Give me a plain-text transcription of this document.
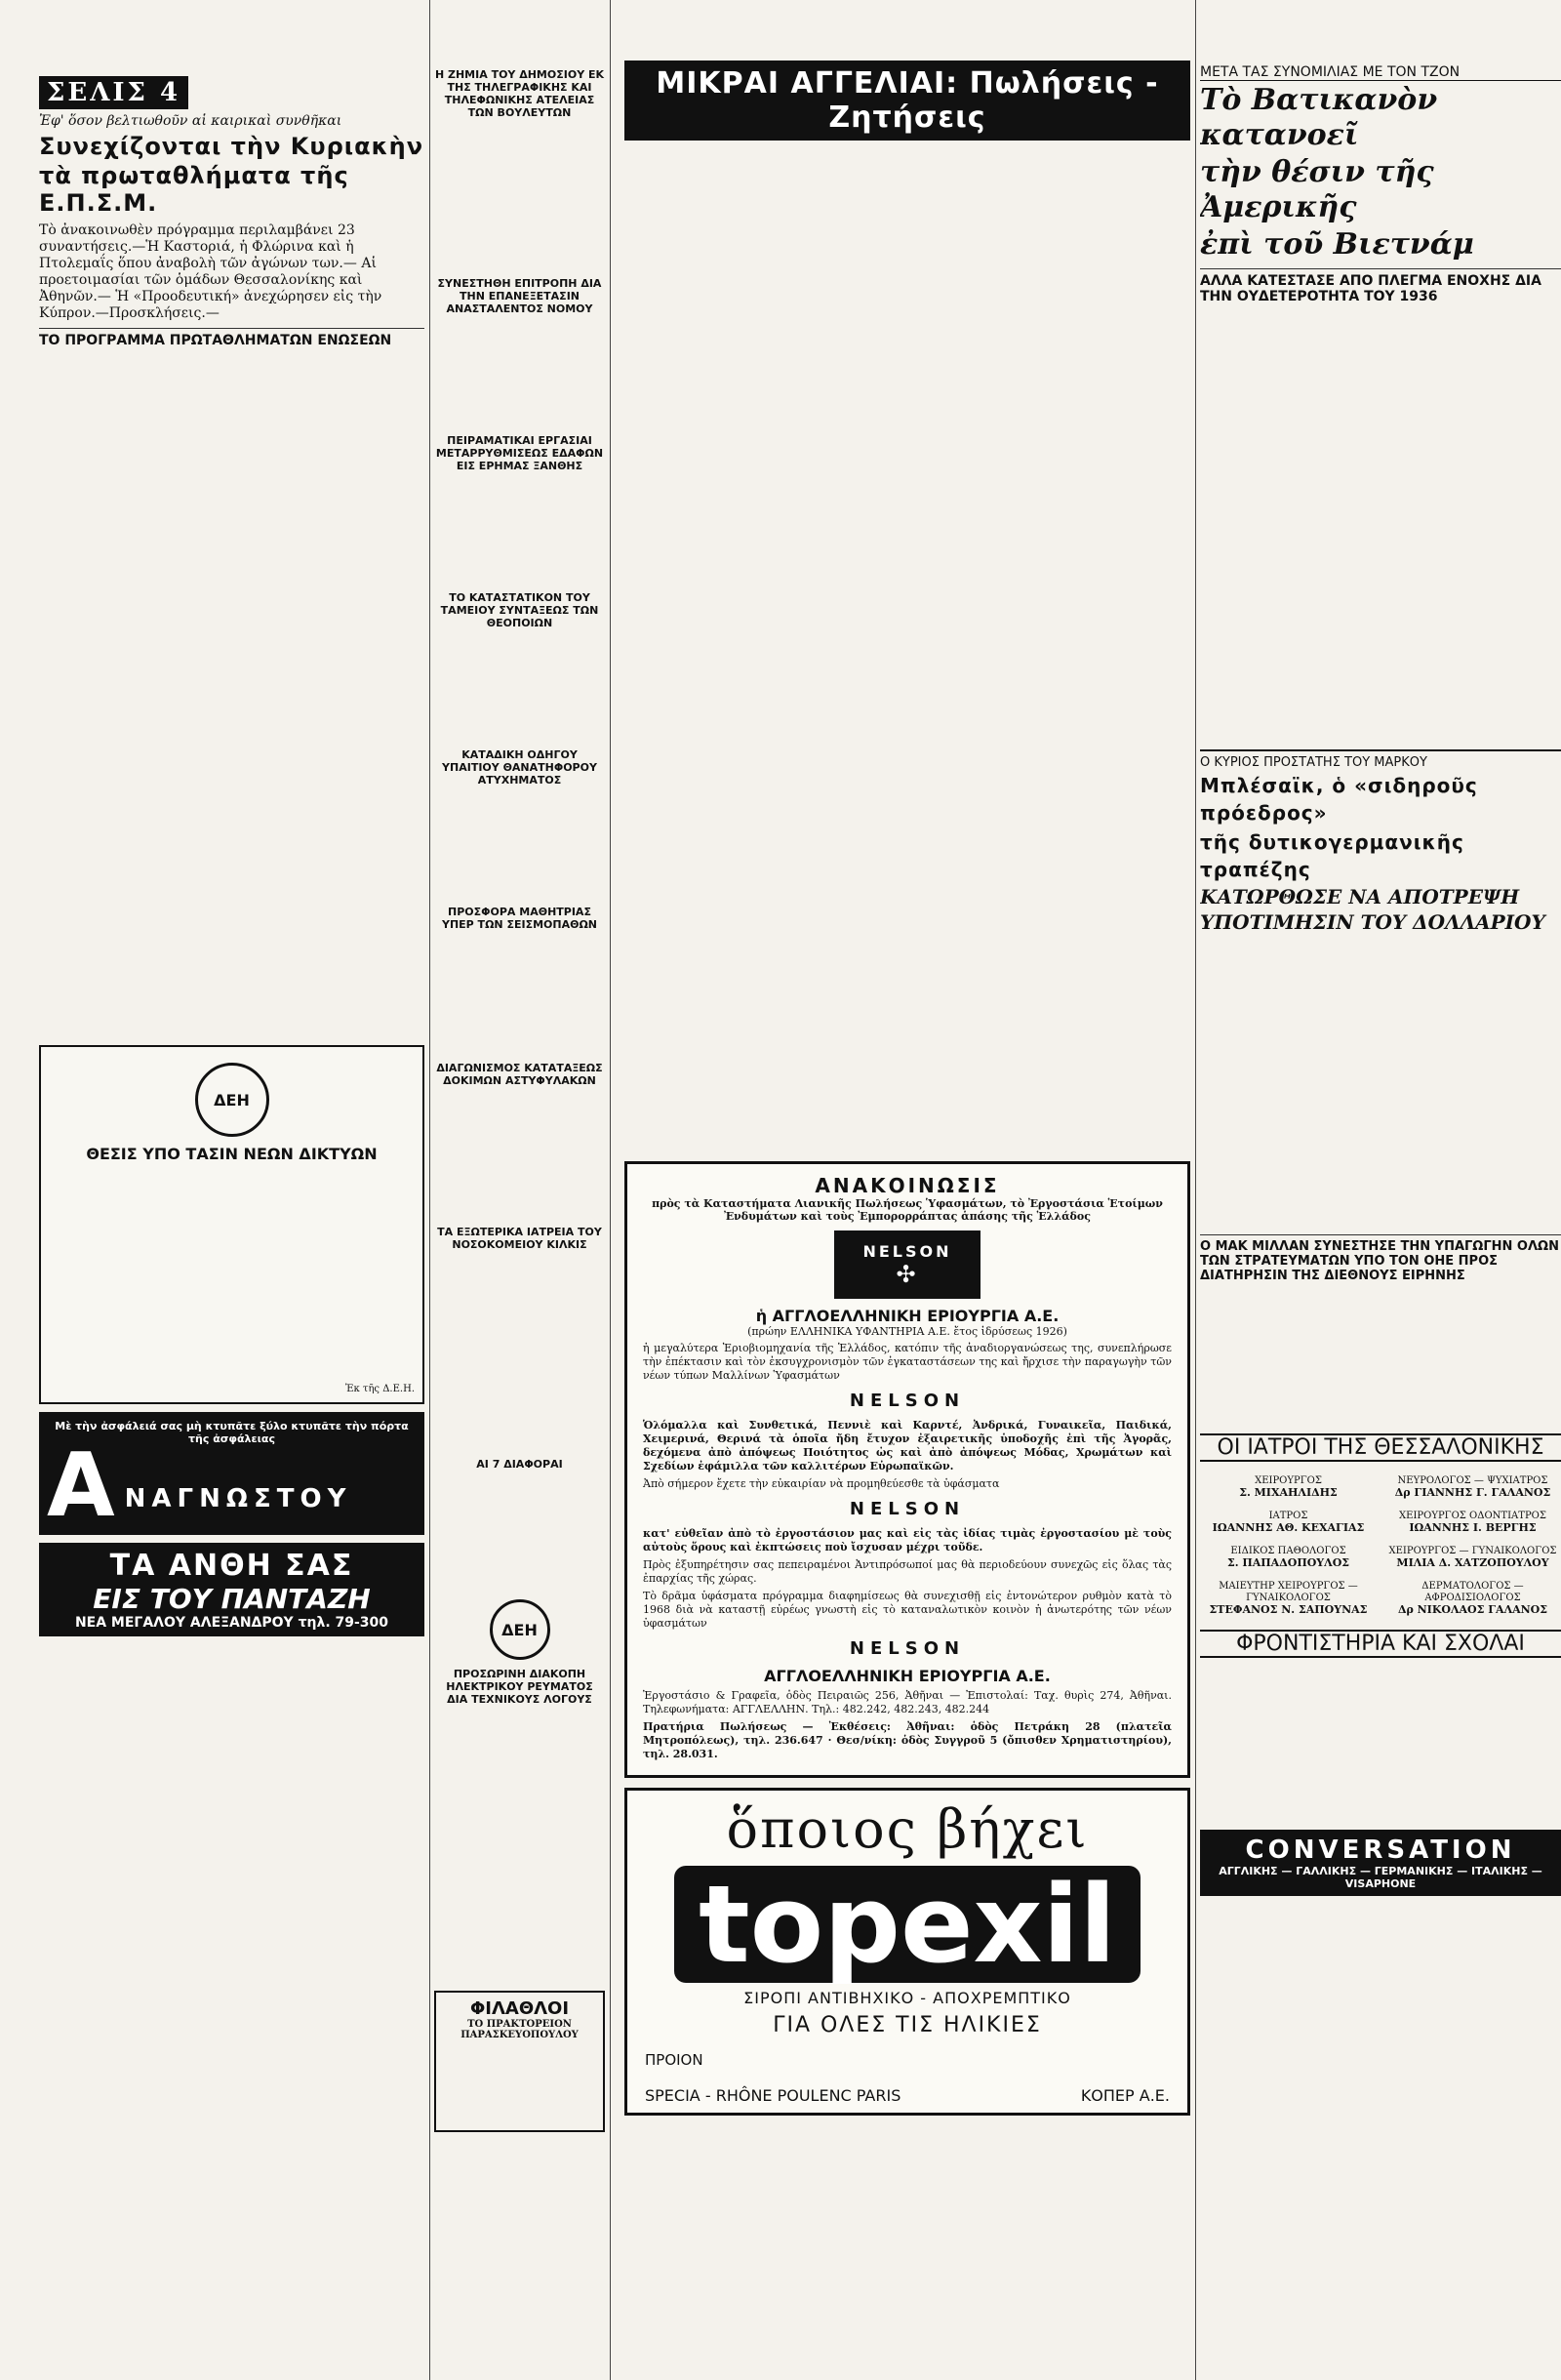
ΣΕΛΙΣ 4
Ἐφ' ὅσον βελτιωθοῦν αἱ καιρικαὶ συνθῆκαι
Συνεχίζονται τὴν Κυριακὴν
τὰ πρωταθλήματα τῆς Ε.Π.Σ.Μ.
Τὸ ἀνακοινωθὲν πρόγραμμα περιλαμβάνει 23 συναντήσεις.—Ἡ Καστοριά, ἡ Φλώρινα καὶ ἡ Πτολεμαΐς ὅπου ἀναβολὴ τῶν ἀγώνων των.— Αἱ προετοιμασίαι τῶν ὁμάδων Θεσσαλονίκης καὶ Ἀθηνῶν.— Ἡ «Προοδευτική» ἀνεχώρησεν εἰς τὴν Κύπρον.—Προσκλήσεις.—
ΤΟ ΠΡΟΓΡΑΜΜΑ ΠΡΩΤΑΘΛΗΜΑΤΩΝ ΕΝΩΣΕΩΝ

ΔΕΗ
ΘΕΣΙΣ ΥΠΟ ΤΑΣΙΝ ΝΕΩΝ ΔΙΚΤΥΩΝ

Ἐκ τῆς Δ.Ε.Η.
Μὲ τὴν ἀσφάλειά σας μὴ κτυπᾶτε ξύλο κτυπᾶτε τὴν πόρτα τῆς ἀσφάλειας
A ΝΑΓΝΩΣΤΟΥ
ΤΑ ΑΝΘΗ ΣΑΣ
ΕΙΣ ΤΟΥ ΠΑΝΤΑΖΗ
ΝΕΑ ΜΕΓΑΛΟΥ ΑΛΕΞΑΝΔΡΟΥ τηλ. 79-300
Η ΖΗΜΙΑ ΤΟΥ ΔΗΜΟΣΙΟΥ ΕΚ ΤΗΣ ΤΗΛΕΓΡΑΦΙΚΗΣ ΚΑΙ ΤΗΛΕΦΩΝΙΚΗΣ ΑΤΕΛΕΙΑΣ ΤΩΝ ΒΟΥΛΕΥΤΩΝ

ΣΥΝΕΣΤΗΘΗ ΕΠΙΤΡΟΠΗ ΔΙΑ ΤΗΝ ΕΠΑΝΕΞΕΤΑΣΙΝ ΑΝΑΣΤΑΛΕΝΤΟΣ ΝΟΜΟΥ

ΠΕΙΡΑΜΑΤΙΚΑΙ ΕΡΓΑΣΙΑΙ ΜΕΤΑΡΡΥΘΜΙΣΕΩΣ ΕΔΑΦΩΝ ΕΙΣ ΕΡΗΜΑΣ ΞΑΝΘΗΣ

ΤΟ ΚΑΤΑΣΤΑΤΙΚΟΝ ΤΟΥ ΤΑΜΕΙΟΥ ΣΥΝΤΑΞΕΩΣ ΤΩΝ ΘΕΟΠΟΙΩΝ

ΚΑΤΑΔΙΚΗ ΟΔΗΓΟΥ ΥΠΑΙΤΙΟΥ ΘΑΝΑΤΗΦΟΡΟΥ ΑΤΥΧΗΜΑΤΟΣ

ΠΡΟΣΦΟΡΑ ΜΑΘΗΤΡΙΑΣ ΥΠΕΡ ΤΩΝ ΣΕΙΣΜΟΠΑΘΩΝ

ΔΙΑΓΩΝΙΣΜΟΣ ΚΑΤΑΤΑΞΕΩΣ ΔΟΚΙΜΩΝ ΑΣΤΥΦΥΛΑΚΩΝ

ΤΑ ΕΞΩΤΕΡΙΚΑ ΙΑΤΡΕΙΑ ΤΟΥ ΝΟΣΟΚΟΜΕΙΟΥ ΚΙΛΚΙΣ

ΑΙ 7 ΔΙΑΦΟΡΑΙ

ΔΕΗ
ΠΡΟΣΩΡΙΝΗ ΔΙΑΚΟΠΗ ΗΛΕΚΤΡΙΚΟΥ ΡΕΥΜΑΤΟΣ ΔΙΑ ΤΕΧΝΙΚΟΥΣ ΛΟΓΟΥΣ

ΦΙΛΑΘΛΟΙ
ΤΟ ΠΡΑΚΤΟΡΕΙΟΝ ΠΑΡΑΣΚΕΥΟΠΟΥΛΟΥ

ΜΙΚΡΑΙ ΑΓΓΕΛΙΑΙ: Πωλήσεις - Ζητήσεις

ΑΝΑΚΟΙΝΩΣΙΣ
πρὸς τὰ Καταστήματα Λιανικῆς Πωλήσεως Ὑφασμάτων, τὸ Ἐργοστάσια Ἑτοίμων Ἐνδυμάτων καὶ τοὺς Ἐμπορορράπτας ἁπάσης τῆς Ἑλλάδος
NELSON
✣
ἡ ΑΓΓΛΟΕΛΛΗΝΙΚΗ ΕΡΙΟΥΡΓΙΑ Α.Ε.
(πρώην ΕΛΛΗΝΙΚΑ ΥΦΑΝΤΗΡΙΑ Α.Ε. ἔτος ἱδρύσεως 1926)

ἡ μεγαλύτερα Ἐριοβιομηχανία τῆς Ἑλλάδος, κατόπιν τῆς ἀναδιοργανώσεως της, συνεπλήρωσε τὴν ἐπέκτασιν καὶ τὸν ἐκσυγχρονισμὸν τῶν ἐγκαταστάσεων της καὶ ἤρχισε τὴν παραγωγὴν τῶν νέων τύπων Μαλλίνων Ὑφασμάτων

NELSON

Ὁλόμαλλα καὶ Συνθετικά, Πεννιὲ καὶ Καρντέ, Ἀνδρικά, Γυναικεῖα, Παιδικά, Χειμερινά, Θερινά τὰ ὁποῖα ἤδη ἔτυχον ἐξαιρετικῆς ὑποδοχῆς ἐπὶ τῆς Ἀγορᾶς, δεχόμενα ἀπὸ ἀπόψεως Ποιότητος ὡς καὶ ἀπὸ ἀπόψεως Μόδας, Χρωμάτων καὶ Σχεδίων ἐφάμιλλα τῶν καλλιτέρων Εὐρωπαϊκῶν.

Ἀπὸ σήμερον ἔχετε τὴν εὐκαιρίαν νὰ προμηθεύεσθε τὰ ὑφάσματα

NELSON

κατ' εὐθεῖαν ἀπὸ τὸ ἐργοστάσιον μας καὶ εἰς τὰς ἰδίας τιμὰς ἐργοστασίου μὲ τοὺς αὐτοὺς ὅρους καὶ ἐκπτώσεις ποὺ ἴσχυσαν μέχρι τοῦδε.

Πρὸς ἐξυπηρέτησιν σας πεπειραμένοι Ἀντιπρόσωποί μας θὰ περιοδεύουν συνεχῶς εἰς ὅλας τὰς ἐπαρχίας τῆς χώρας.

Τὸ δρᾶμα ὑφάσματα πρόγραμμα διαφημίσεως θὰ συνεχισθῇ εἰς ἐντονώτερον ρυθμὸν κατὰ τὸ 1968 διὰ νὰ καταστῇ εὐρέως γνωστὴ εἰς τὸ καταναλωτικὸν κοινὸν ἡ ἀνωτερότης τῶν νέων ὑφασμάτων

NELSON
ΑΓΓΛΟΕΛΛΗΝΙΚΗ ΕΡΙΟΥΡΓΙΑ Α.Ε.

Ἐργοστάσιο & Γραφεῖα, ὁδὸς Πειραιῶς 256, Ἀθῆναι — Ἐπιστολαί: Ταχ. θυρὶς 274, Ἀθῆναι. Τηλεφωνήματα: ΑΓΓΛΕΛΛΗΝ. Τηλ.: 482.242, 482.243, 482.244

Πρατήρια Πωλήσεως — Ἐκθέσεις: Ἀθῆναι: ὁδὸς Πετράκη 28 (πλατεῖα Μητροπόλεως), τηλ. 236.647 · Θεσ/νίκη: ὁδὸς Συγγροῦ 5 (ὄπισθεν Χρηματιστηρίου), τηλ. 28.031.

ὅποιος βήχει
topexil
ΣΙΡΟΠΙ ΑΝΤΙΒΗΧΙΚΟ - ΑΠΟΧΡΕΜΠΤΙΚΟ
ΓΙΑ ΟΛΕΣ ΤΙΣ ΗΛΙΚΙΕΣ
ΠΡΟΙΟΝ
SPECIA - RHÔNE POULENC PARIS	ΚΟΠΕΡ Α.Ε.
ΜΕΤΑ ΤΑΣ ΣΥΝΟΜΙΛΙΑΣ ΜΕ ΤΟΝ ΤΖΟΝ
Τὸ Βατικανὸν κατανοεῖ
τὴν θέσιν τῆς Ἀμερικῆς
ἐπὶ τοῦ Βιετνάμ
ΑΛΛΑ ΚΑΤΕΣΤΑΣΕ ΑΠΟ ΠΛΕΓΜΑ ΕΝΟΧΗΣ ΔΙΑ ΤΗΝ ΟΥΔΕΤΕΡΟΤΗΤΑ ΤΟΥ 1936

Ο ΚΥΡΙΟΣ ΠΡΟΣΤΑΤΗΣ ΤΟΥ ΜΑΡΚΟΥ
Μπλέσαϊκ, ὁ «σιδηροῦς πρόεδρος»
τῆς δυτικογερμανικῆς τραπέζης
ΚΑΤΩΡΘΩΣΕ ΝΑ ΑΠΟΤΡΕΨΗ
ΥΠΟΤΙΜΗΣΙΝ ΤΟΥ ΔΟΛΛΑΡΙΟΥ

Ο ΜΑΚ ΜΙΛΛΑΝ ΣΥΝΕΣΤΗΣΕ ΤΗΝ ΥΠΑΓΩΓΗΝ ΟΛΩΝ ΤΩΝ ΣΤΡΑΤΕΥΜΑΤΩΝ ΥΠΟ ΤΟΝ ΟΗΕ ΠΡΟΣ ΔΙΑΤΗΡΗΣΙΝ ΤΗΣ ΔΙΕΘΝΟΥΣ ΕΙΡΗΝΗΣ

ΟΙ ΙΑΤΡΟΙ ΤΗΣ ΘΕΣΣΑΛΟΝΙΚΗΣ
ΧΕΙΡΟΥΡΓΟΣ
Σ. ΜΙΧΑΗΛΙΔΗΣ
ΝΕΥΡΟΛΟΓΟΣ — ΨΥΧΙΑΤΡΟΣ
Δρ ΓΙΑΝΝΗΣ Γ. ΓΑΛΑΝΟΣ
ΙΑΤΡΟΣ
ΙΩΑΝΝΗΣ ΑΘ. ΚΕΧΑΓΙΑΣ
ΧΕΙΡΟΥΡΓΟΣ ΟΔΟΝΤΙΑΤΡΟΣ
ΙΩΑΝΝΗΣ Ι. ΒΕΡΓΗΣ
ΕΙΔΙΚΟΣ ΠΑΘΟΛΟΓΟΣ
Σ. ΠΑΠΑΔΟΠΟΥΛΟΣ
ΧΕΙΡΟΥΡΓΟΣ — ΓΥΝΑΙΚΟΛΟΓΟΣ
ΜΙΛΙΑ Δ. ΧΑΤΖΟΠΟΥΛΟΥ
ΜΑΙΕΥΤΗΡ ΧΕΙΡΟΥΡΓΟΣ — ΓΥΝΑΙΚΟΛΟΓΟΣ
ΣΤΕΦΑΝΟΣ Ν. ΣΑΠΟΥΝΑΣ
ΔΕΡΜΑΤΟΛΟΓΟΣ — ΑΦΡΟΔΙΣΙΟΛΟΓΟΣ
Δρ ΝΙΚΟΛΑΟΣ ΓΑΛΑΝΟΣ
ΦΡΟΝΤΙΣΤΗΡΙΑ ΚΑΙ ΣΧΟΛΑΙ

CONVERSATION
ΑΓΓΛΙΚΗΣ — ΓΑΛΛΙΚΗΣ — ΓΕΡΜΑΝΙΚΗΣ — ΙΤΑΛΙΚΗΣ — VISAPHONE
